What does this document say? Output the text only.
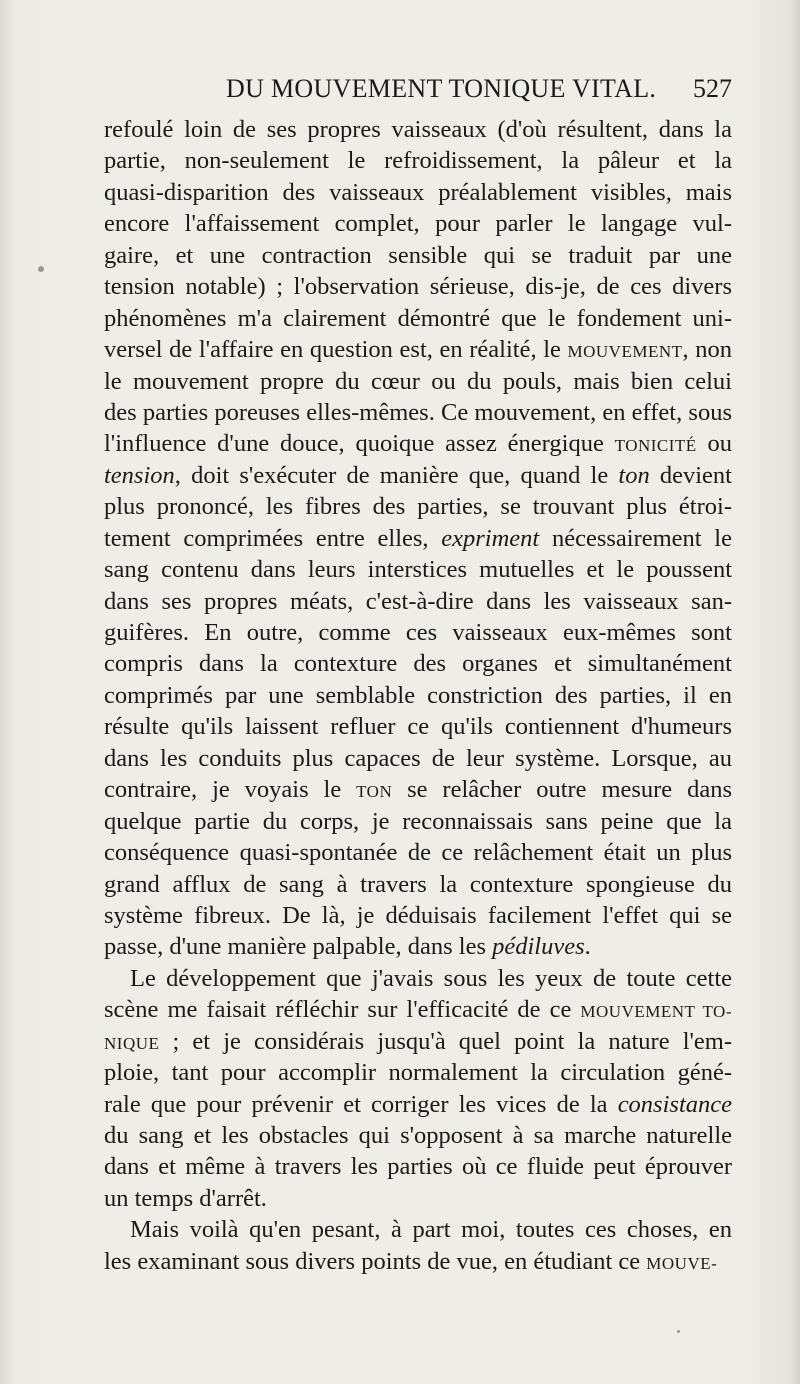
DU MOUVEMENT TONIQUE VITAL. 527
refoulé loin de ses propres vaisseaux (d'où résultent, dans la
partie, non-seulement le refroidissement, la pâleur et la
quasi-disparition des vaisseaux préalablement visibles, mais
encore l'affaissement complet, pour parler le langage vul-
gaire, et une contraction sensible qui se traduit par une
tension notable) ; l'observation sérieuse, dis-je, de ces divers
phénomènes m'a clairement démontré que le fondement uni-
versel de l'affaire en question est, en réalité, le MOUVEMENT, non
le mouvement propre du cœur ou du pouls, mais bien celui
des parties poreuses elles-mêmes. Ce mouvement, en effet, sous
l'influence d'une douce, quoique assez énergique TONICITÉ ou
tension, doit s'exécuter de manière que, quand le ton devient
plus prononcé, les fibres des parties, se trouvant plus étroi-
tement comprimées entre elles, expriment nécessairement le
sang contenu dans leurs interstices mutuelles et le poussent
dans ses propres méats, c'est-à-dire dans les vaisseaux san-
guifères. En outre, comme ces vaisseaux eux-mêmes sont
compris dans la contexture des organes et simultanément
comprimés par une semblable constriction des parties, il en
résulte qu'ils laissent refluer ce qu'ils contiennent d'humeurs
dans les conduits plus capaces de leur système. Lorsque, au
contraire, je voyais le TON se relâcher outre mesure dans
quelque partie du corps, je reconnaissais sans peine que la
conséquence quasi-spontanée de ce relâchement était un plus
grand afflux de sang à travers la contexture spongieuse du
système fibreux. De là, je déduisais facilement l'effet qui se
passe, d'une manière palpable, dans les pédiluves.
Le développement que j'avais sous les yeux de toute cette
scène me faisait réfléchir sur l'efficacité de ce MOUVEMENT TO-
NIQUE ; et je considérais jusqu'à quel point la nature l'em-
ploie, tant pour accomplir normalement la circulation géné-
rale que pour prévenir et corriger les vices de la consistance
du sang et les obstacles qui s'opposent à sa marche naturelle
dans et même à travers les parties où ce fluide peut éprouver
un temps d'arrêt.
Mais voilà qu'en pesant, à part moi, toutes ces choses, en
les examinant sous divers points de vue, en étudiant ce MOUVE-
